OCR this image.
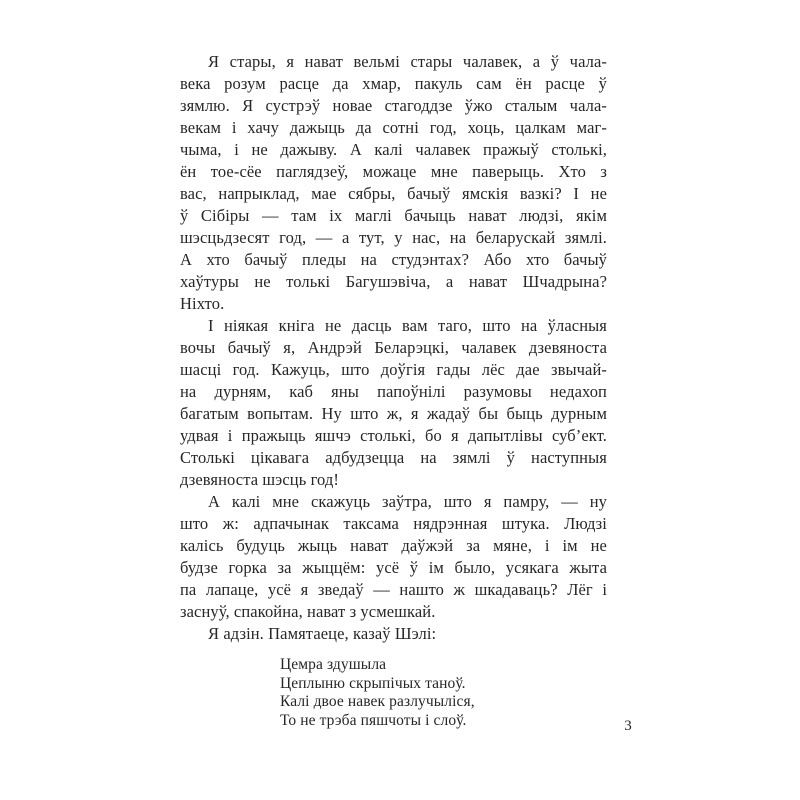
Я стары, я нават вельмі стары чалавек, а ў чала-
века розум расце да хмар, пакуль сам ён расце ў
зямлю. Я сустрэў новае стагоддзе ўжо сталым чала-
векам і хачу дажыць да сотні год, хоць, цалкам маг-
чыма, і не дажыву. А калі чалавек пражыў столькі,
ён тое-сёе паглядзеў, можаце мне паверыць. Хто з
вас, напрыклад, мае сябры, бачыў ямскія вазкі? І не
ў Сібіры — там іх маглі бачыць нават людзі, якім
шэсцьдзесят год, — а тут, у нас, на беларускай зямлі.
А хто бачыў пледы на студэнтах? Або хто бачыў
хаўтуры не толькі Багушэвіча, а нават Шчадрына?
Ніхто.
І ніякая кніга не дасць вам таго, што на ўласныя
вочы бачыў я, Андрэй Беларэцкі, чалавек дзевяноста
шасці год. Кажуць, што доўгія гады лёс дае звычай-
на дурням, каб яны папоўнілі разумовы недахоп
багатым вопытам. Ну што ж, я жадаў бы быць дурным
удвая і пражыць яшчэ столькі, бо я дапытлівы суб’ект.
Столькі цікавага адбудзецца на зямлі ў наступныя
дзевяноста шэсць год!
А калі мне скажуць заўтра, што я памру, — ну
што ж: адпачынак таксама нядрэнная штука. Людзі
калісь будуць жыць нават даўжэй за мяне, і ім не
будзе горка за жыццём: усё ў ім было, усякага жыта
па лапаце, усё я зведаў — нашто ж шкадаваць? Лёг і
заснуў, спакойна, нават з усмешкай.
Я адзін. Памятаеце, казаў Шэлі:
Цемра здушыла
Цеплыню скрыпічых таноў.
Калі двое навек разлучыліся,
То не трэба пяшчоты і слоў.	3
